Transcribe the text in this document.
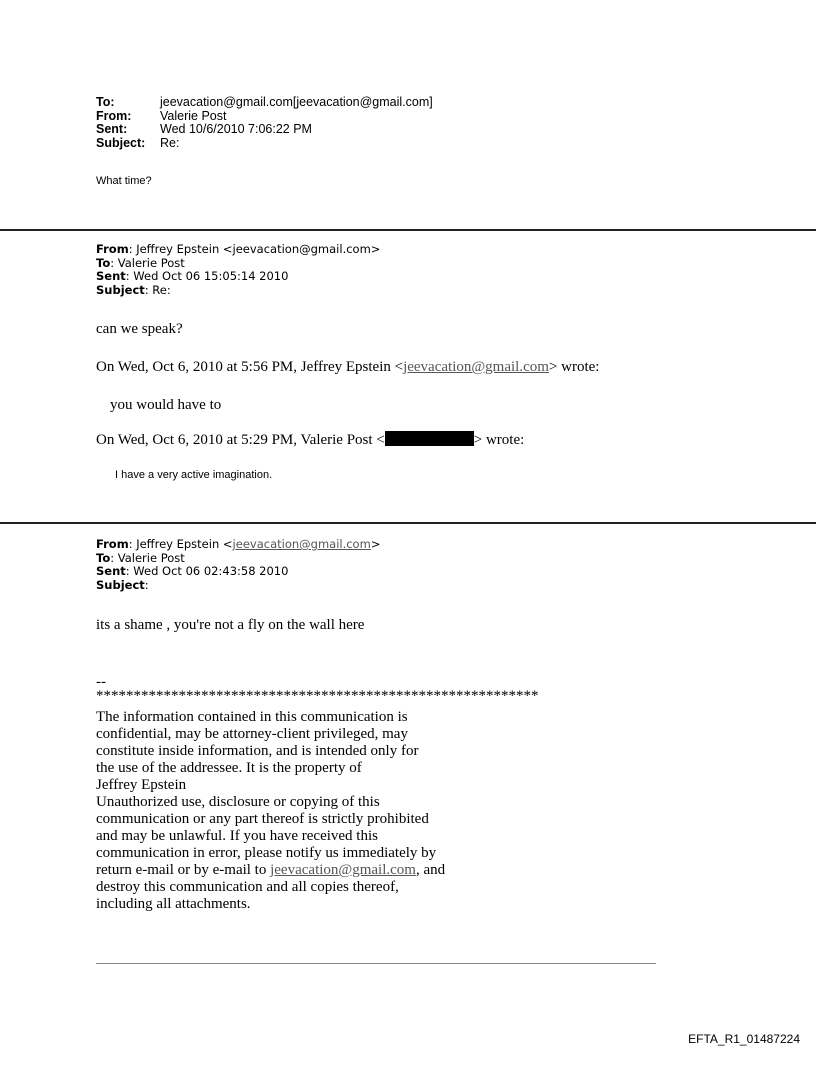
To:	jeevacation@gmail.com[jeevacation@gmail.com]
From:	Valerie Post
Sent:	Wed 10/6/2010 7:06:22 PM
Subject:	Re:
What time?
From: Jeffrey Epstein <jeevacation@gmail.com>
To: Valerie Post
Sent: Wed Oct 06 15:05:14 2010
Subject: Re:
can we speak?
On Wed, Oct 6, 2010 at 5:56 PM, Jeffrey Epstein <jeevacation@gmail.com> wrote:
you would have to
On Wed, Oct 6, 2010 at 5:29 PM, Valerie Post <	> wrote:
I have a very active imagination.
From: Jeffrey Epstein <jeevacation@gmail.com>
To: Valerie Post
Sent: Wed Oct 06 02:43:58 2010
Subject:
its a shame , you're not a fly on the wall here
--
***********************************************************
The information contained in this communication is
confidential, may be attorney-client privileged, may
constitute inside information, and is intended only for
the use of the addressee. It is the property of
Jeffrey Epstein
Unauthorized use, disclosure or copying of this
communication or any part thereof is strictly prohibited
and may be unlawful. If you have received this
communication in error, please notify us immediately by
return e-mail or by e-mail to jeevacation@gmail.com, and
destroy this communication and all copies thereof,
including all attachments.
EFTA_R1_01487224
